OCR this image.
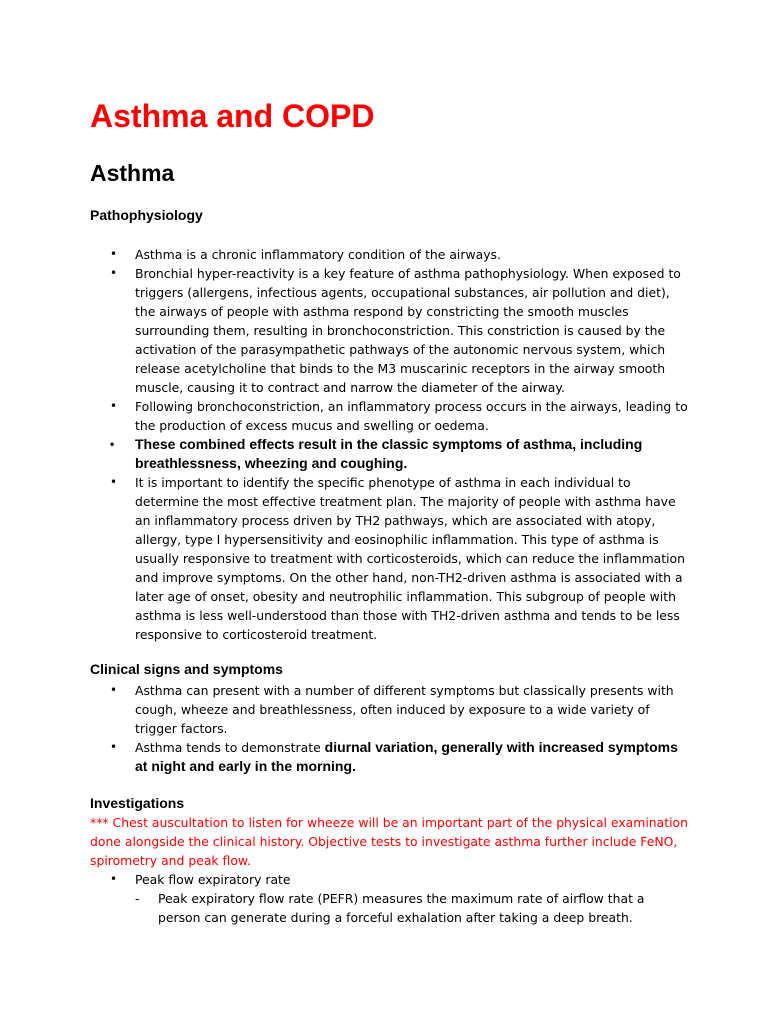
Asthma and COPD
Asthma
Pathophysiology
• Asthma is a chronic inflammatory condition of the airways.
• Bronchial hyper-reactivity is a key feature of asthma pathophysiology. When exposed to triggers (allergens, infectious agents, occupational substances, air pollution and diet), the airways of people with asthma respond by constricting the smooth muscles surrounding them, resulting in bronchoconstriction. This constriction is caused by the activation of the parasympathetic pathways of the autonomic nervous system, which release acetylcholine that binds to the M3 muscarinic receptors in the airway smooth muscle, causing it to contract and narrow the diameter of the airway.
• Following bronchoconstriction, an inflammatory process occurs in the airways, leading to the production of excess mucus and swelling or oedema.
• These combined effects result in the classic symptoms of asthma, including breathlessness, wheezing and coughing.
• It is important to identify the specific phenotype of asthma in each individual to determine the most effective treatment plan. The majority of people with asthma have an inflammatory process driven by TH2 pathways, which are associated with atopy, allergy, type I hypersensitivity and eosinophilic inflammation. This type of asthma is usually responsive to treatment with corticosteroids, which can reduce the inflammation and improve symptoms. On the other hand, non-TH2-driven asthma is associated with a later age of onset, obesity and neutrophilic inflammation. This subgroup of people with asthma is less well-understood than those with TH2-driven asthma and tends to be less responsive to corticosteroid treatment.
Clinical signs and symptoms
• Asthma can present with a number of different symptoms but classically presents with cough, wheeze and breathlessness, often induced by exposure to a wide variety of trigger factors.
• Asthma tends to demonstrate diurnal variation, generally with increased symptoms at night and early in the morning.
Investigations

*** Chest auscultation to listen for wheeze will be an important part of the physical examination done alongside the clinical history. Objective tests to investigate asthma further include FeNO, spirometry and peak flow.

• Peak flow expiratory rate
- Peak expiratory flow rate (PEFR) measures the maximum rate of airflow that a person can generate during a forceful exhalation after taking a deep breath.
